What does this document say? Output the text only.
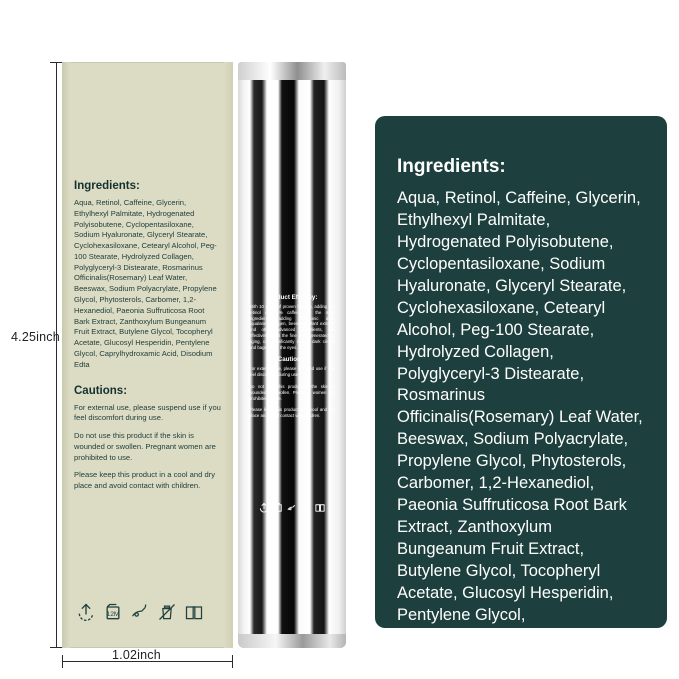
4.25inch
1.02inch
Ingredients:

Aqua, Retinol, Caffeine, Glycerin, Ethylhexyl Palmitate, Hydrogenated Polyisobutene, Cyclopentasiloxane, Sodium Hyaluronate, Glyceryl Stearate, Cyclohexasiloxane, Cetearyl Alcohol, Peg-100 Stearate, Hydrolyzed Collagen, Polyglyceryl-3 Distearate, Rosmarinus Officinalis(Rosemary) Leaf Water, Beeswax, Sodium Polyacrylate, Propylene Glycol, Phytosterols, Carbomer, 1,2-Hexanediol, Paeonia Suffruticosa Root Bark Extract, Zanthoxylum Bungeanum Fruit Extract, Butylene Glycol, Tocopheryl Acetate, Glucosyl Hesperidin, Pentylene Glycol, Caprylhydroxamic Acid, Disodium Edta

Cautions:

For external use, please suspend use if you feel discomfort during use.

Do not use this product if the skin is wounded or swollen. Pregnant women are prohibited to use.

Please keep this product in a cool and dry place and avoid contact with children.

12M
Product Efficacy:

With 10 years of proven formula, adding 4% retinol and 1% caffeine as the main ingredients, adding hyaluronic acid, squalane, collagen, beeswax, plant extracts and other advanced ingredients, can effectively resist the fine lines generated by aging, can significantly reduce dark circles and bags under the eyes.

Cautions:

For external use, please suspend use if you feel discomfort during use.

Do not use this product if the skin is wounded or swollen. Pregnant women are prohibited to use.

Please keep this product in a cool and dry place and avoid contact with children.

Ingredients:

Aqua, Retinol, Caffeine, Glycerin, Ethylhexyl Palmitate, Hydrogenated Polyisobutene, Cyclopentasiloxane, Sodium Hyaluronate, Glyceryl Stearate, Cyclohexasiloxane, Cetearyl Alcohol, Peg-100 Stearate, Hydrolyzed Collagen, Polyglyceryl-3 Distearate, Rosmarinus Officinalis(Rosemary) Leaf Water, Beeswax, Sodium Polyacrylate, Propylene Glycol, Phytosterols, Carbomer, 1,2-Hexanediol, Paeonia Suffruticosa Root Bark Extract, Zanthoxylum Bungeanum Fruit Extract, Butylene Glycol, Tocopheryl Acetate, Glucosyl Hesperidin, Pentylene Glycol, Caprylhydroxamic Acid, Disodium Edta
